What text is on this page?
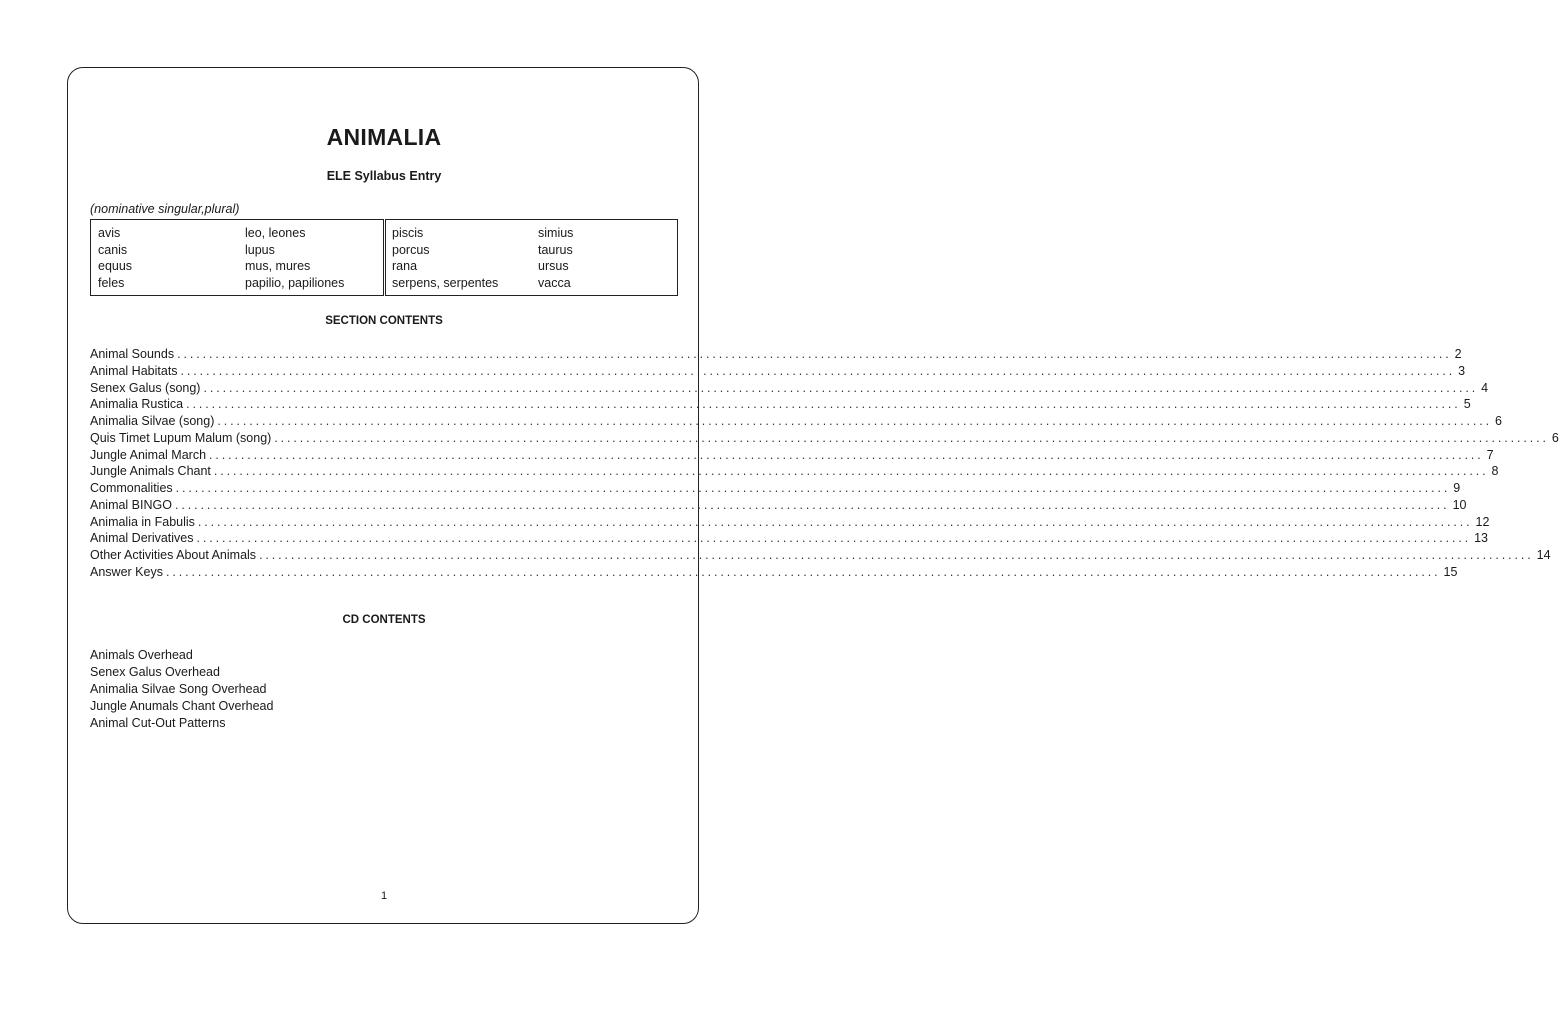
ANIMALIA
ELE Syllabus Entry
(nominative singular,plural)
avis
canis
equus
feles
leo, leones
lupus
mus, mures
papilio, papiliones
piscis
porcus
rana
serpens, serpentes
simius
taurus
ursus
vacca
SECTION CONTENTS
Animal Sounds ........................................................................................................................................................................................................ 2
Animal Habitats ........................................................................................................................................................................................................ 3
Senex Galus (song) ........................................................................................................................................................................................................ 4
Animalia Rustica ........................................................................................................................................................................................................ 5
Animalia Silvae (song) ........................................................................................................................................................................................................ 6
Quis Timet Lupum Malum (song) ........................................................................................................................................................................................................ 6
Jungle Animal March ........................................................................................................................................................................................................ 7
Jungle Animals Chant ........................................................................................................................................................................................................ 8
Commonalities ........................................................................................................................................................................................................ 9
Animal BINGO ........................................................................................................................................................................................................ 10
Animalia in Fabulis ........................................................................................................................................................................................................ 12
Animal Derivatives ........................................................................................................................................................................................................ 13
Other Activities About Animals ........................................................................................................................................................................................................ 14
Answer Keys ........................................................................................................................................................................................................ 15
CD CONTENTS
Animals Overhead
Senex Galus Overhead
Animalia Silvae Song Overhead
Jungle Anumals Chant Overhead
Animal Cut-Out Patterns
1
